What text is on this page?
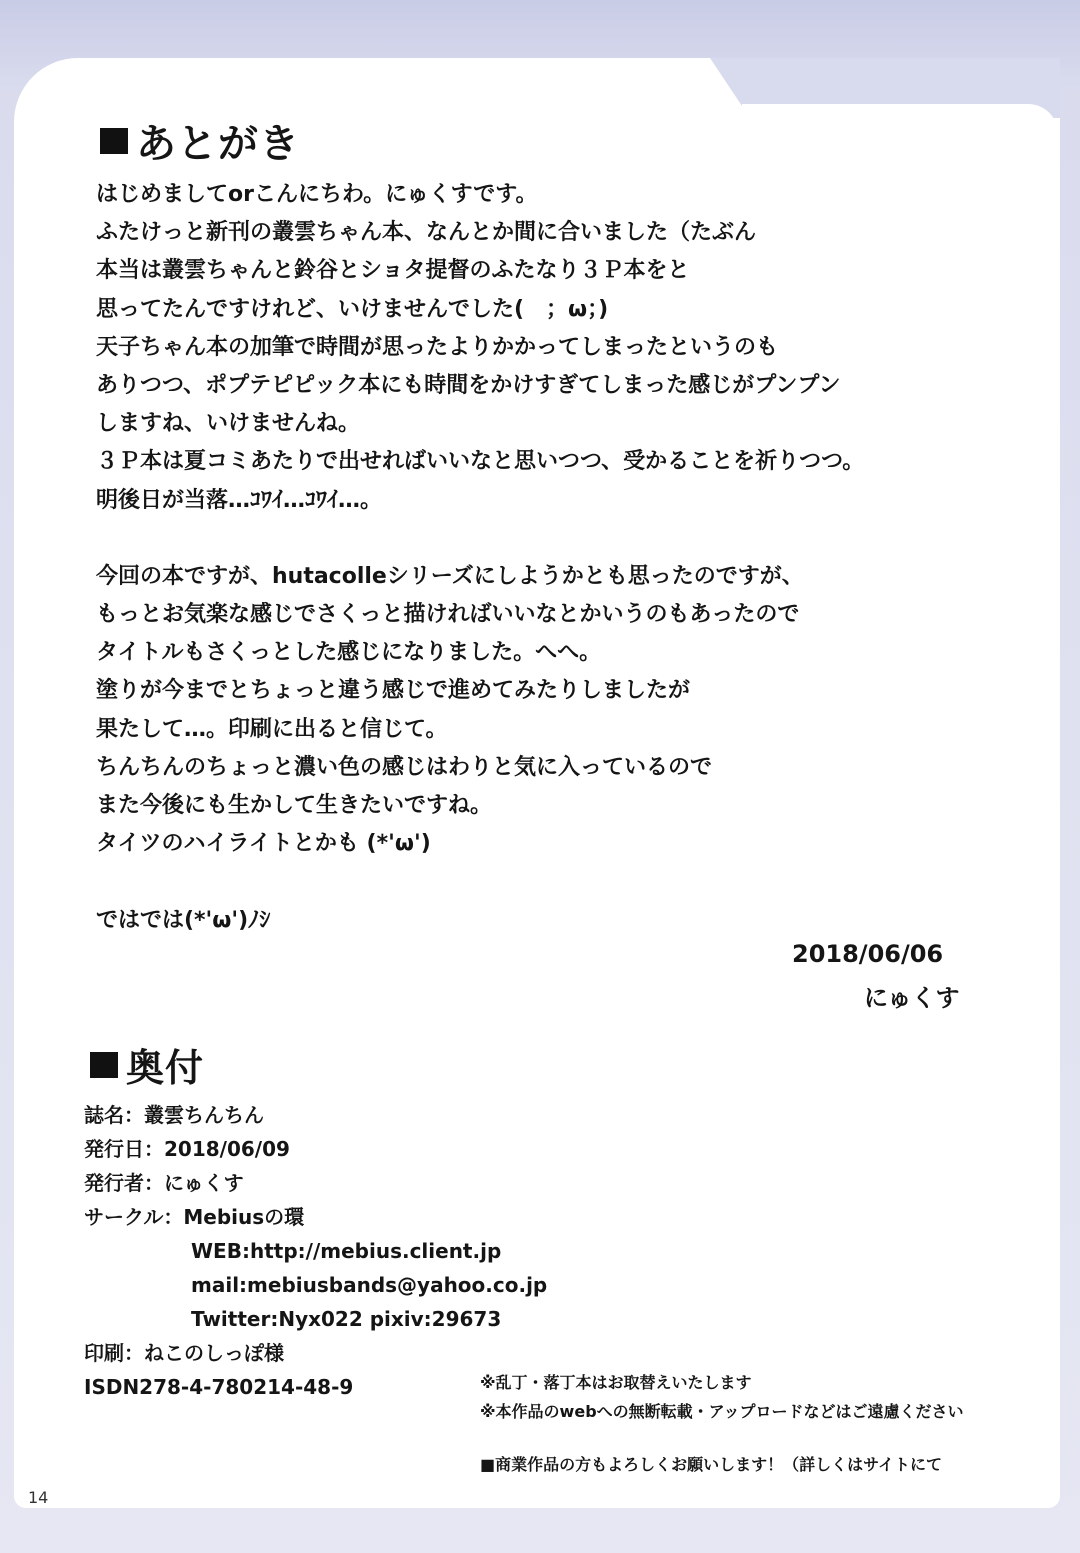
あとがき
はじめましてorこんにちわ。にゅくすです。
ふたけっと新刊の叢雲ちゃん本、なんとか間に合いました（たぶん
本当は叢雲ちゃんと鈴谷とショタ提督のふたなり３Ｐ本をと
思ってたんですけれど、いけませんでした(　；ω；)
天子ちゃん本の加筆で時間が思ったよりかかってしまったというのも
ありつつ、ポプテピピック本にも時間をかけすぎてしまった感じがプンプン
しますね、いけませんね。
３Ｐ本は夏コミあたりで出せればいいなと思いつつ、受かることを祈りつつ。
明後日が当落…ｺﾜｲ…ｺﾜｲ…。
今回の本ですが、hutacolleシリーズにしようかとも思ったのですが、
もっとお気楽な感じでさくっと描ければいいなとかいうのもあったので
タイトルもさくっとした感じになりました。へへ。
塗りが今までとちょっと違う感じで進めてみたりしましたが
果たして…。印刷に出ると信じて。
ちんちんのちょっと濃い色の感じはわりと気に入っているので
また今後にも生かして生きたいですね。
タイツのハイライトとかも (*'ω')
ではでは(*'ω')ﾉｼ
2018/06/06
にゅくす
奥付
誌名：叢雲ちんちん
発行日：2018/06/09
発行者：にゅくす
サークル：Mebiusの環
WEB:http://mebius.client.jp
mail:mebiusbands@yahoo.co.jp
Twitter:Nyx022 pixiv:29673
印刷：ねこのしっぽ様
ISDN278-4-780214-48-9	※乱丁・落丁本はお取替えいたします
※本作品のwebへの無断転載・アップロードなどはご遠慮ください
■商業作品の方もよろしくお願いします！（詳しくはサイトにて
14
